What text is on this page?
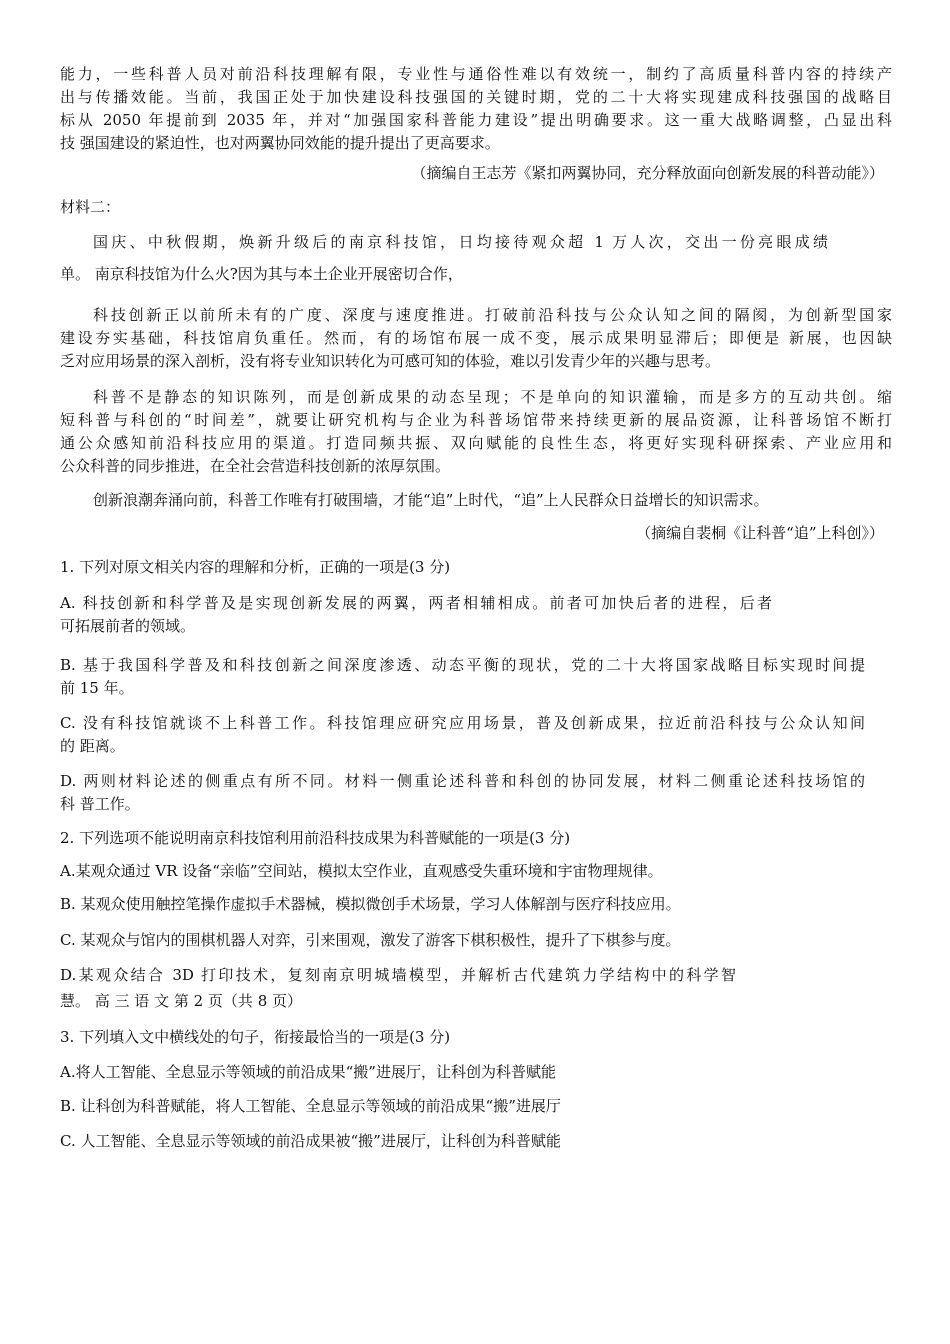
能力，一些科普人员对前沿科技理解有限，专业性与通俗性难以有效统一，制约了高质量科普内容的持续产
出与传播效能。当前，我国正处于加快建设科技强国的关键时期，党的二十大将实现建成科技强国的战略目
标从 2050 年提前到 2035 年，并对“加强国家科普能力建设”提出明确要求。这一重大战略调整，凸显出科
技 强国建设的紧迫性，也对两翼协同效能的提升提出了更高要求。
（摘编自王志芳《紧扣两翼协同，充分释放面向创新发展的科普动能》）
材料二：
国庆、中秋假期，焕新升级后的南京科技馆，日均接待观众超 1 万人次，交出一份亮眼成绩
单。 南京科技馆为什么火?因为其与本土企业开展密切合作，
科技创新正以前所未有的广度、深度与速度推进。打破前沿科技与公众认知之间的隔阂，为创新型国家
建设夯实基础，科技馆肩负重任。然而，有的场馆布展一成不变，展示成果明显滞后；即便是 新展，也因缺
乏对应用场景的深入剖析，没有将专业知识转化为可感可知的体验，难以引发青少年的兴趣与思考。
科普不是静态的知识陈列，而是创新成果的动态呈现；不是单向的知识灌输，而是多方的互动共创。缩
短科普与科创的“时间差”，就要让研究机构与企业为科普场馆带来持续更新的展品资源，让科普场馆不断打
通公众感知前沿科技应用的渠道。打造同频共振、双向赋能的良性生态，将更好实现科研探索、产业应用和
公众科普的同步推进，在全社会营造科技创新的浓厚氛围。
创新浪潮奔涌向前，科普工作唯有打破围墙，才能“追”上时代，“追”上人民群众日益增长的知识需求。
（摘编自裴桐《让科普“追”上科创》）
1. 下列对原文相关内容的理解和分析，正确的一项是(3 分)
A. 科技创新和科学普及是实现创新发展的两翼，两者相辅相成。前者可加快后者的进程，后者
可拓展前者的领域。
B. 基于我国科学普及和科技创新之间深度渗透、动态平衡的现状，党的二十大将国家战略目标实现时间提
前 15 年。
C. 没有科技馆就谈不上科普工作。科技馆理应研究应用场景，普及创新成果，拉近前沿科技与公众认知间
的 距离。
D. 两则材料论述的侧重点有所不同。材料一侧重论述科普和科创的协同发展，材料二侧重论述科技场馆的
科 普工作。
2. 下列选项不能说明南京科技馆利用前沿科技成果为科普赋能的一项是(3 分)
A.某观众通过 VR 设备“亲临”空间站，模拟太空作业，直观感受失重环境和宇宙物理规律。
B. 某观众使用触控笔操作虚拟手术器械，模拟微创手术场景，学习人体解剖与医疗科技应用。
C. 某观众与馆内的围棋机器人对弈，引来围观，激发了游客下棋积极性，提升了下棋参与度。
D.某观众结合 3D 打印技术，复刻南京明城墙模型，并解析古代建筑力学结构中的科学智
慧。 高 三 语 文 第 2 页（共 8 页）
3. 下列填入文中横线处的句子，衔接最恰当的一项是(3 分)
A.将人工智能、全息显示等领域的前沿成果“搬”进展厅，让科创为科普赋能
B. 让科创为科普赋能，将人工智能、全息显示等领域的前沿成果“搬”进展厅
C. 人工智能、全息显示等领域的前沿成果被“搬”进展厅，让科创为科普赋能
